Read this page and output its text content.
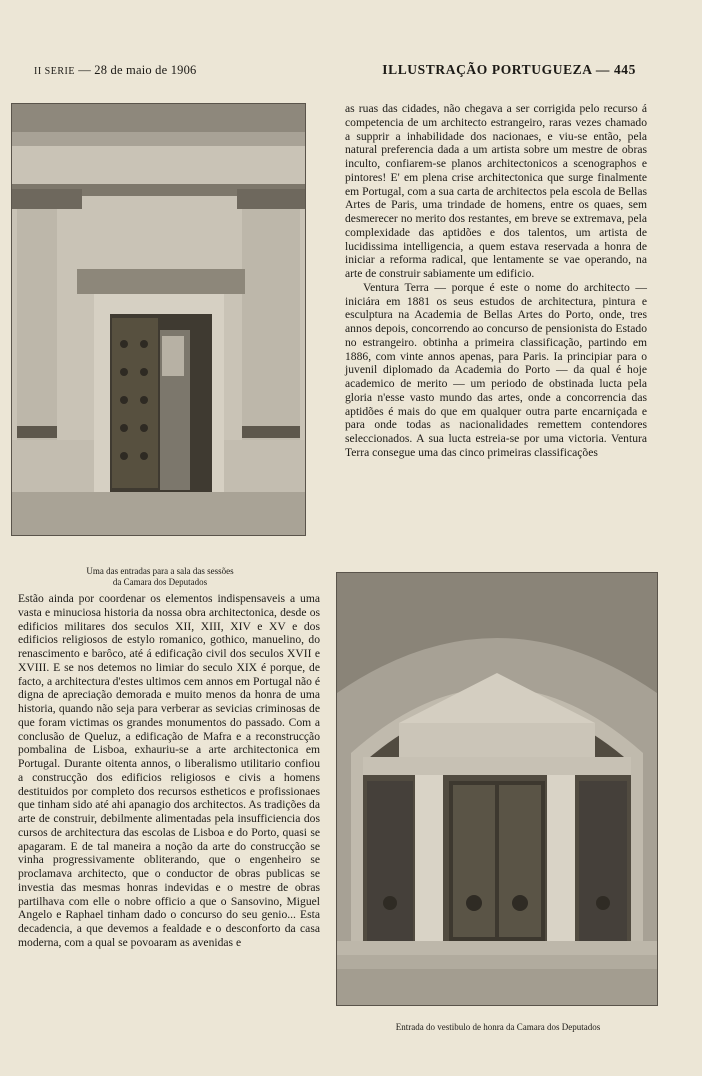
II SERIE — 28 de maio de 1906	ILLUSTRAÇÃO PORTUGUEZA — 445
Uma das entradas para a sala das sessões
da Camara dos Deputados
Entrada do vestibulo de honra da Camara dos Deputados

as ruas das cidades, não chegava a ser corrigida pelo recurso á competencia de um architecto estrangeiro, raras vezes chamado a supprir a inhabilidade dos nacionaes, e viu-se então, pela natural preferencia dada a um artista sobre um mestre de obras inculto, confiarem-se planos architectonicos a scenographos e pintores! E' em plena crise architectonica que surge finalmente em Portugal, com a sua carta de architectos pela escola de Bellas Artes de Paris, uma trindade de homens, entre os quaes, sem desmerecer no merito dos restantes, em breve se extremava, pela complexidade das aptidões e dos talentos, um artista de lucidissima intelligencia, a quem estava reservada a honra de iniciar a reforma radical, que lentamente se vae operando, na arte de construir sabiamente um edificio.

Ventura Terra — porque é este o nome do architecto — iniciára em 1881 os seus estudos de architectura, pintura e esculptura na Academia de Bellas Artes do Porto, onde, tres annos depois, concorrendo ao concurso de pensionista do Estado no estrangeiro. obtinha a primeira classificação, partindo em 1886, com vinte annos apenas, para Paris. Ia principiar para o juvenil diplomado da Academia do Porto — da qual é hoje academico de merito — um periodo de obstinada lucta pela gloria n'esse vasto mundo das artes, onde a concorrencia das aptidões é mais do que em qualquer outra parte encarniçada e para onde todas as nacionalidades remettem contendores seleccionados. A sua lucta estreia-se por uma victoria. Ventura Terra consegue uma das cinco primeiras classificações

Estão ainda por coordenar os elementos indispensaveis a uma vasta e minuciosa historia da nossa obra architectonica, desde os edificios militares dos seculos XII, XIII, XIV e XV e dos edificios religiosos de estylo romanico, gothico, manuelino, do renascimento e barôco, até á edificação civil dos seculos XVII e XVIII. E se nos detemos no limiar do seculo XIX é porque, de facto, a architectura d'estes ultimos cem annos em Portugal não é digna de apreciação demorada e muito menos da honra de uma historia, quando não seja para verberar as sevicias criminosas de que foram victimas os grandes monumentos do passado. Com a conclusão de Queluz, a edificação de Mafra e a reconstrucção pombalina de Lisboa, exhauriu-se a arte architectonica em Portugal. Durante oitenta annos, o liberalismo utilitario confiou a construcção dos edificios religiosos e civis a homens destituidos por completo dos recursos estheticos e profissionaes que tinham sido até ahi apanagio dos architectos. As tradições da arte de construir, debilmente alimentadas pela insufficiencia dos cursos de architectura das escolas de Lisboa e do Porto, quasi se apagaram. E de tal maneira a noção da arte do construcção se vinha progressivamente obliterando, que o engenheiro se proclamava architecto, que o conductor de obras publicas se investia das mesmas honras indevidas e o mestre de obras partilhava com elle o nobre officio a que o Sansovino, Miguel Angelo e Raphael tinham dado o concurso do seu genio... Esta decadencia, a que devemos a fealdade e o desconforto da casa moderna, com a qual se povoaram as avenidas e
